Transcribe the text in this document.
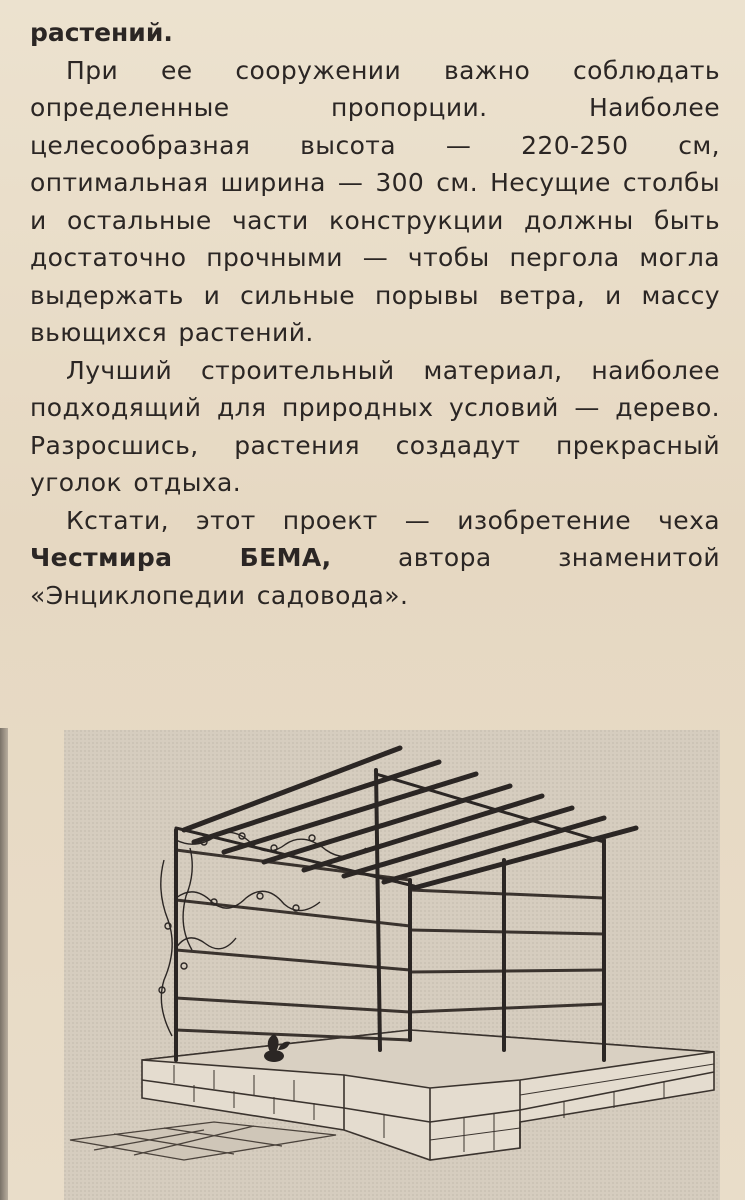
растений.

При ее сооружении важно соблюдать определенные пропорции. Наиболее целесообразная высота — 220-250 см, оптимальная ширина — 300 см. Несущие столбы и остальные части конструкции должны быть достаточно прочными — чтобы пергола могла выдержать и сильные порывы ветра, и массу вьющихся растений.

Лучший строительный материал, наиболее подходящий для природных условий — дерево. Разросшись, растения создадут прекрасный уголок отдыха.

Кстати, этот проект — изобретение чеха Честмира БЕМА, автора знаменитой «Энциклопедии садовода».
